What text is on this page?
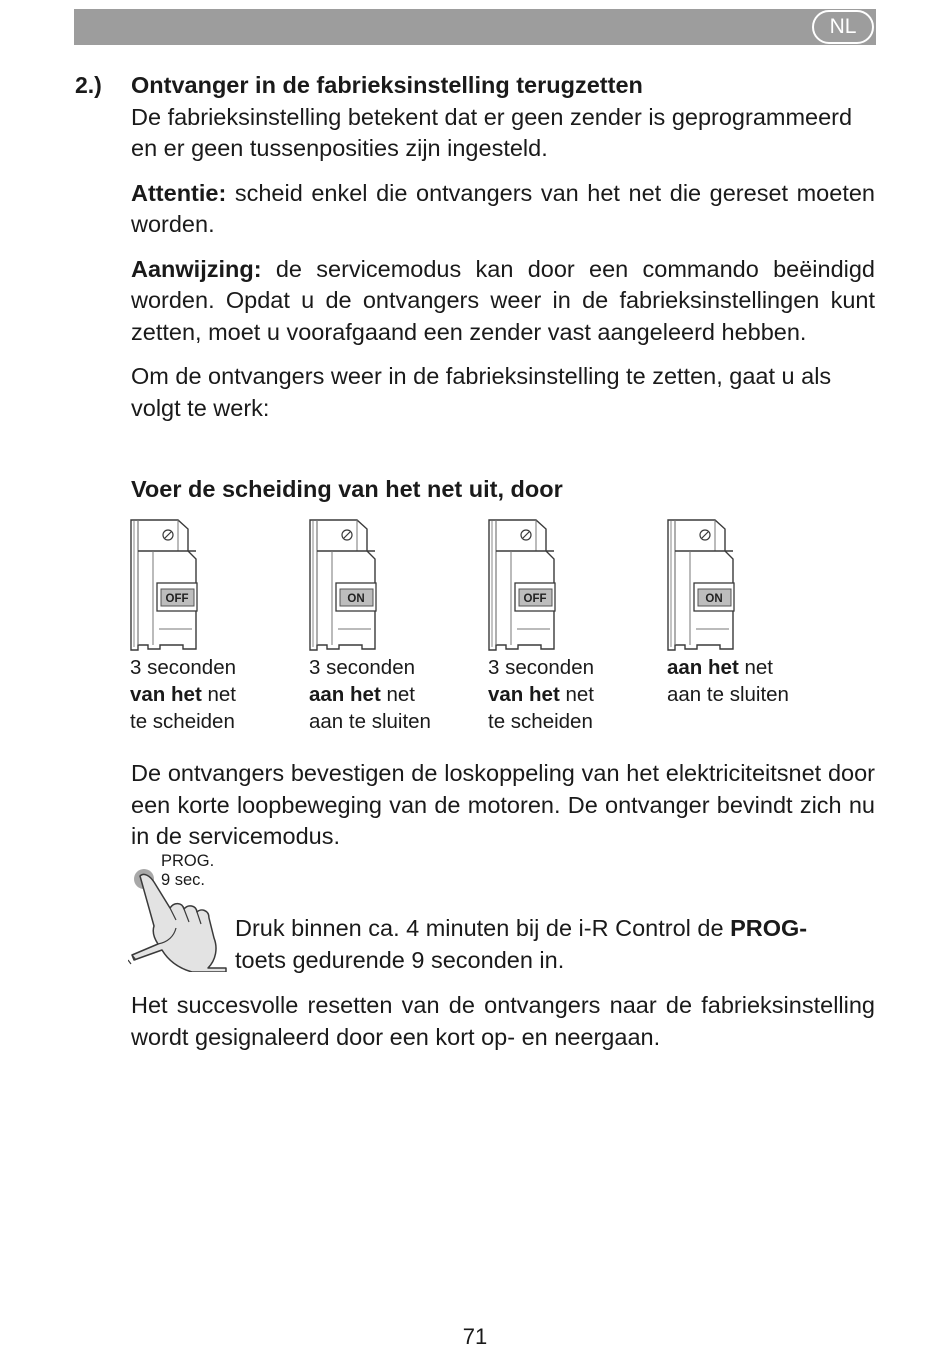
NL
2.) Ontvanger in de fabrieksinstelling terugzetten
De fabrieksinstelling betekent dat er geen zender is geprogrammeerd en er geen tussenposities zijn ingesteld.

Attentie: scheid enkel die ontvangers van het net die gereset moeten worden.

Aanwijzing: de servicemodus kan door een commando beëindigd worden. Opdat u de ontvangers weer in de fabrieksinstellingen kunt zetten, moet u voorafgaand een zender vast aangeleerd hebben.

Om de ontvangers weer in de fabrieksinstelling te zetten, gaat u als volgt te werk:

Voer de scheiding van het net uit, door
OFF	ON	OFF	ON
3 seconden
van het net
te scheiden
3 seconden
aan het net
aan te sluiten
3 seconden
van het net
te scheiden
aan het net
aan te sluiten

De ontvangers bevestigen de loskoppeling van het elektriciteitsnet door een korte loopbeweging van de motoren. De ontvanger bevindt zich nu in de servicemodus.

PROG.
9 sec.

Druk binnen ca. 4 minuten bij de i-R Control de PROG-
toets gedurende 9 seconden in.

Het succesvolle resetten van de ontvangers naar de fabrieksinstelling wordt gesignaleerd door een kort op- en neergaan.

71
